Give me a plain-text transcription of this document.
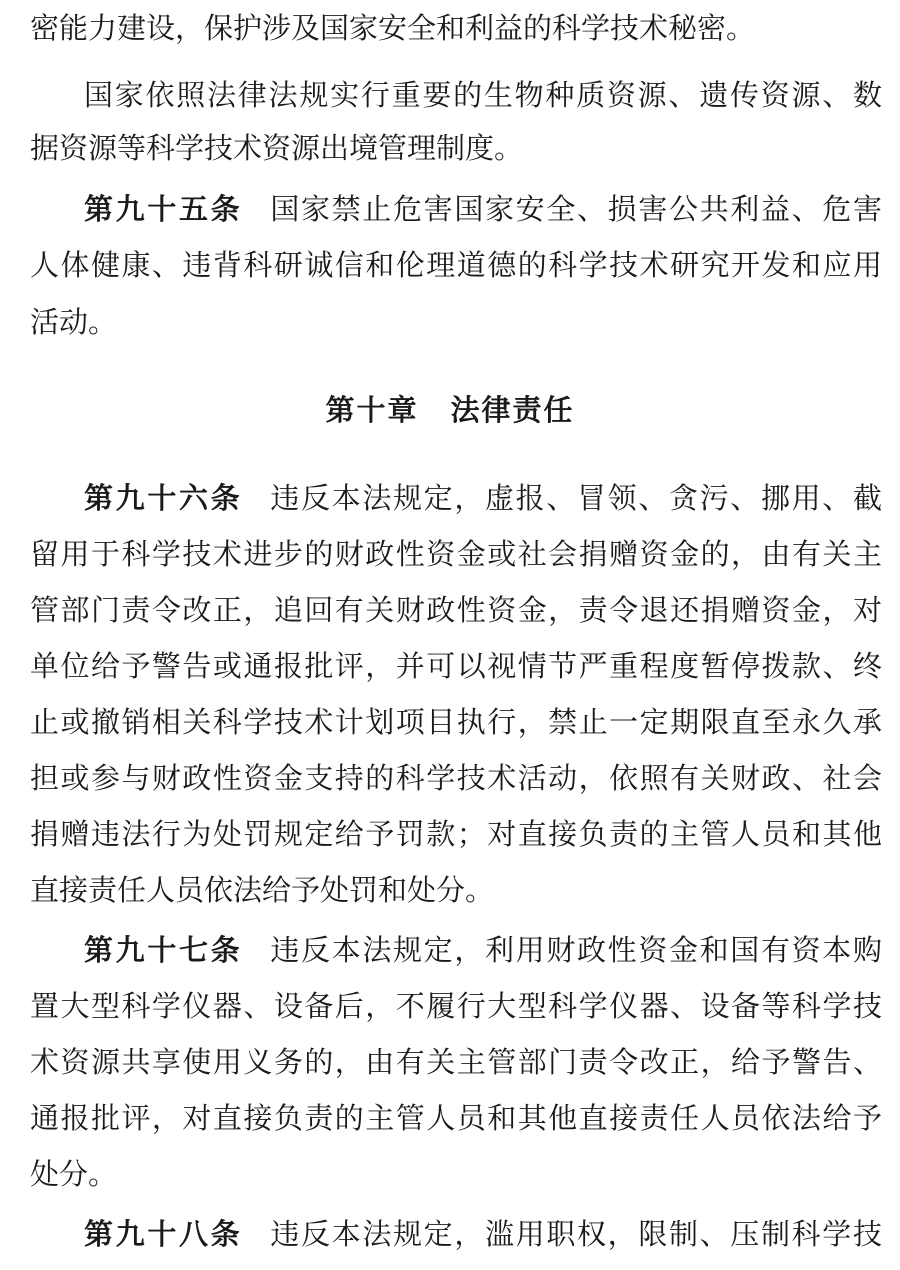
密能力建设，保护涉及国家安全和利益的科学技术秘密。
国家依照法律法规实行重要的生物种质资源、遗传资源、数
据资源等科学技术资源出境管理制度。
第九十五条 国家禁止危害国家安全、损害公共利益、危害
人体健康、违背科研诚信和伦理道德的科学技术研究开发和应用
活动。
第十章 法律责任
第九十六条 违反本法规定，虚报、冒领、贪污、挪用、截
留用于科学技术进步的财政性资金或社会捐赠资金的，由有关主
管部门责令改正，追回有关财政性资金，责令退还捐赠资金，对
单位给予警告或通报批评，并可以视情节严重程度暂停拨款、终
止或撤销相关科学技术计划项目执行，禁止一定期限直至永久承
担或参与财政性资金支持的科学技术活动，依照有关财政、社会
捐赠违法行为处罚规定给予罚款；对直接负责的主管人员和其他
直接责任人员依法给予处罚和处分。
第九十七条 违反本法规定，利用财政性资金和国有资本购
置大型科学仪器、设备后，不履行大型科学仪器、设备等科学技
术资源共享使用义务的，由有关主管部门责令改正，给予警告、
通报批评，对直接负责的主管人员和其他直接责任人员依法给予
处分。
第九十八条 违反本法规定，滥用职权，限制、压制科学技
